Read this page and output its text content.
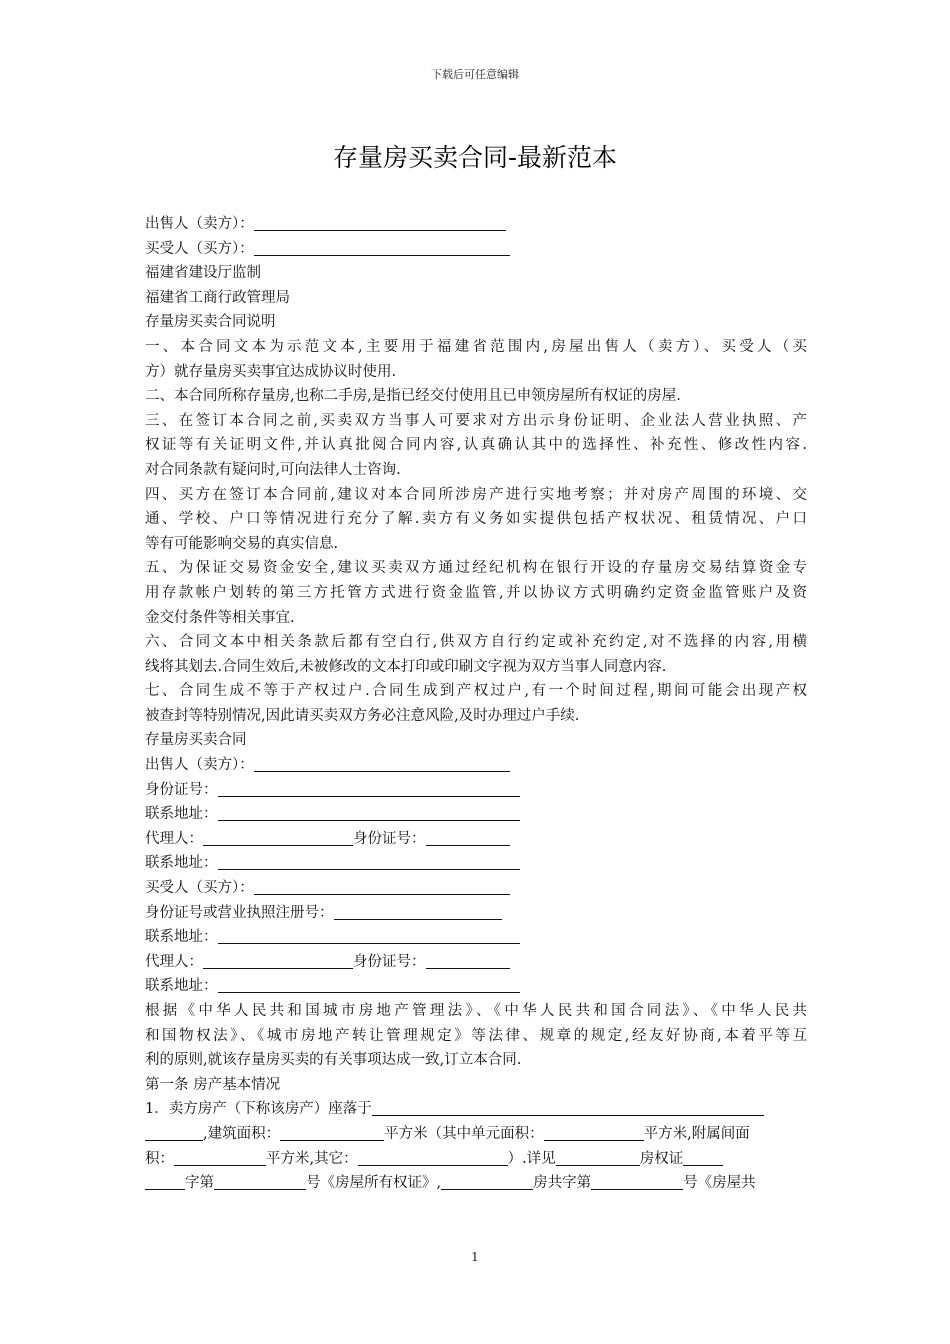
下载后可任意编辑
存量房买卖合同-最新范本
出售人（卖方）：
买受人（买方）：
福建省建设厅监制
福建省工商行政管理局
存量房买卖合同说明
一、本合同文本为示范文本,主要用于福建省范围内,房屋出售人（卖方）、买受人（买
方）就存量房买卖事宜达成协议时使用.
二、本合同所称存量房,也称二手房,是指已经交付使用且已申领房屋所有权证的房屋.
三、在签订本合同之前,买卖双方当事人可要求对方出示身份证明、企业法人营业执照、产
权证等有关证明文件,并认真批阅合同内容,认真确认其中的选择性、补充性、修改性内容.
对合同条款有疑问时,可向法律人士咨询.
四、买方在签订本合同前,建议对本合同所涉房产进行实地考察；并对房产周围的环境、交
通、学校、户口等情况进行充分了解.卖方有义务如实提供包括产权状况、租赁情况、户口
等有可能影响交易的真实信息.
五、为保证交易资金安全,建议买卖双方通过经纪机构在银行开设的存量房交易结算资金专
用存款帐户划转的第三方托管方式进行资金监管,并以协议方式明确约定资金监管账户及资
金交付条件等相关事宜.
六、合同文本中相关条款后都有空白行,供双方自行约定或补充约定,对不选择的内容,用横
线将其划去.合同生效后,未被修改的文本打印或印刷文字视为双方当事人同意内容.
七、合同生成不等于产权过户.合同生成到产权过户,有一个时间过程,期间可能会出现产权
被查封等特别情况,因此请买卖双方务必注意风险,及时办理过户手续.
存量房买卖合同
出售人（卖方）：
身份证号：
联系地址：
代理人：	身份证号：
联系地址：
买受人（买方）：
身份证号或营业执照注册号：
联系地址：
代理人：	身份证号：
联系地址：
根据《中华人民共和国城市房地产管理法》、《中华人民共和国合同法》、《中华人民共
和国物权法》、《城市房地产转让管理规定》等法律、规章的规定,经友好协商,本着平等互
利的原则,就该存量房买卖的有关事项达成一致,订立本合同.
第一条 房产基本情况
1．卖方房产（下称该房产）座落于
,建筑面积：	平方米（其中单元面积：	平方米,附属间面
积：	平方米,其它：	）.详见	房权证
字第	号《房屋所有权证》,	房共字第	号《房屋共
1
